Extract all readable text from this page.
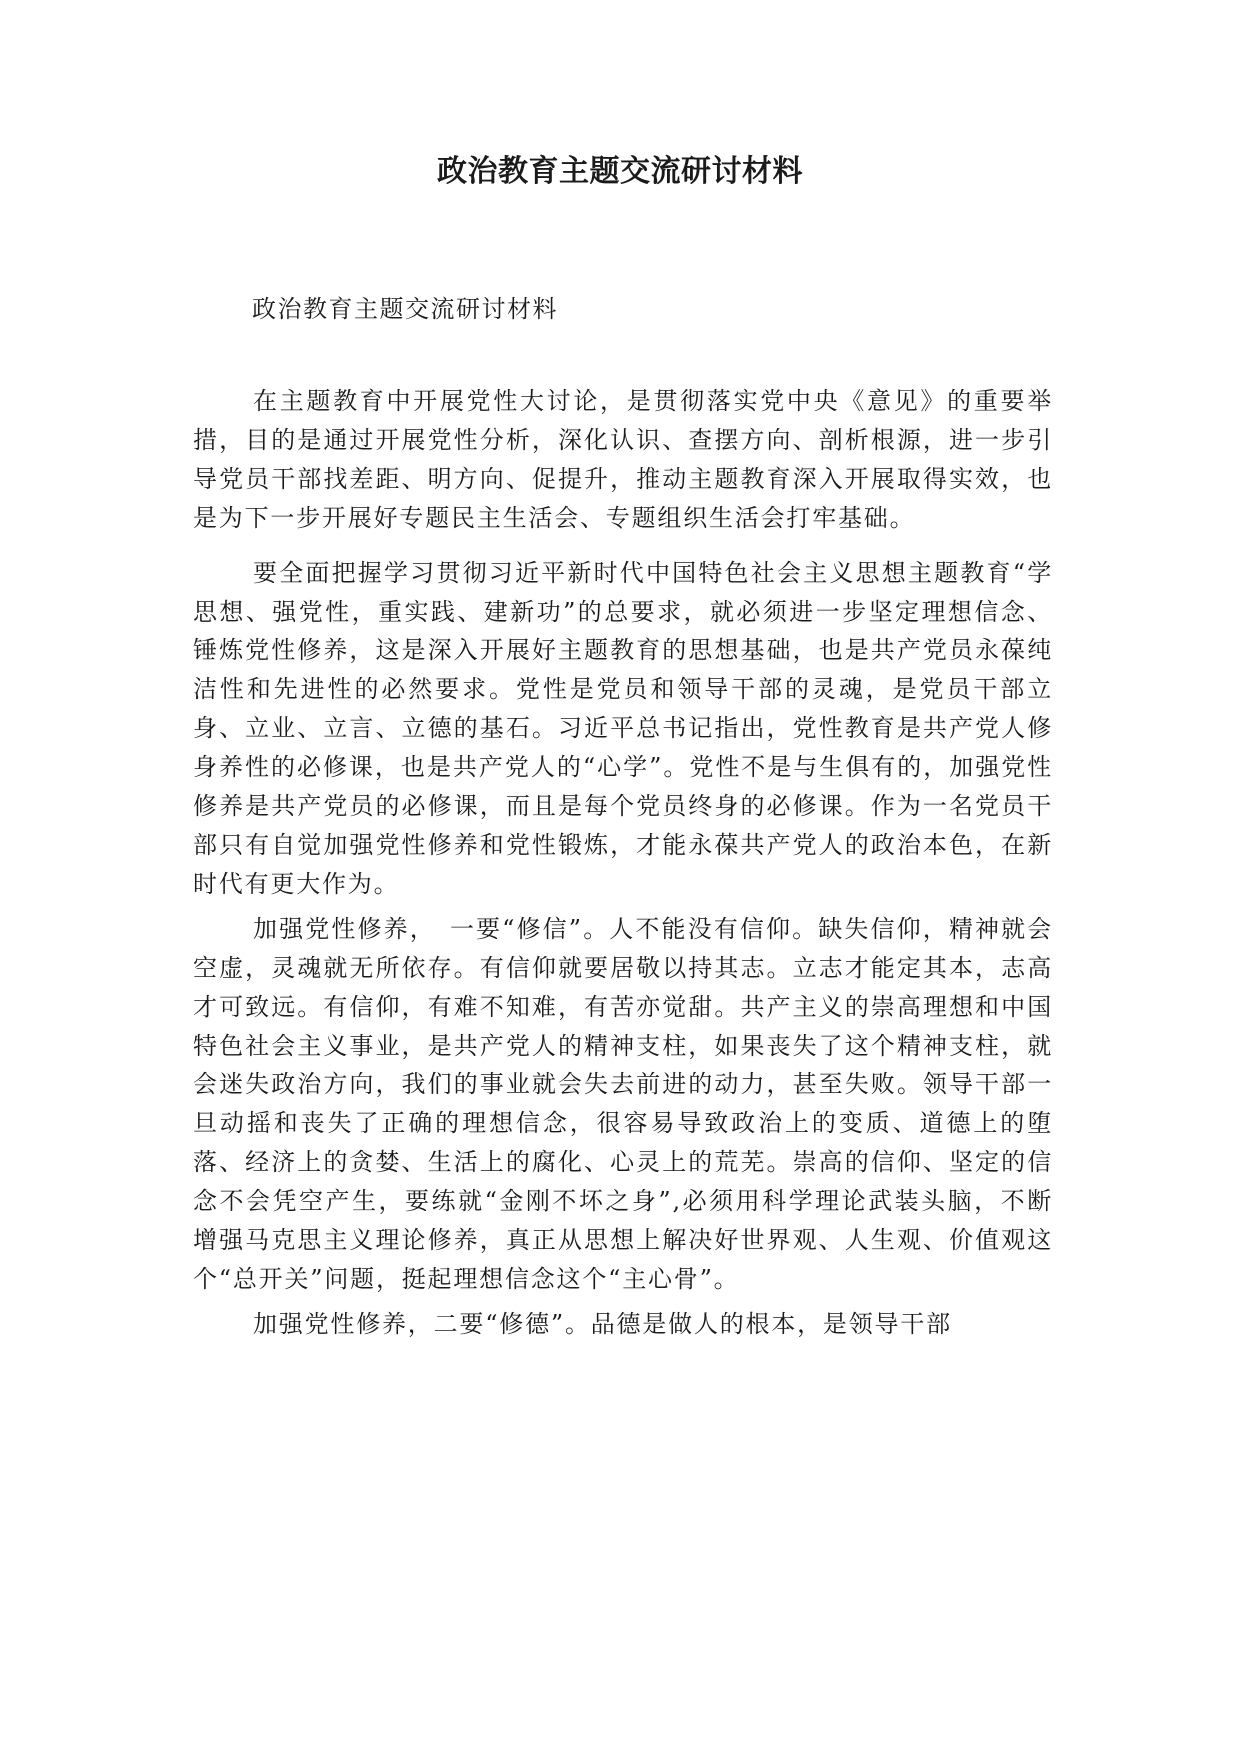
政治教育主题交流研讨材料

政治教育主题交流研讨材料

在主题教育中开展党性大讨论，是贯彻落实党中央《意见》的重要举措，目的是通过开展党性分析，深化认识、查摆方向、剖析根源，进一步引导党员干部找差距、明方向、促提升，推动主题教育深入开展取得实效，也是为下一步开展好专题民主生活会、专题组织生活会打牢基础。

要全面把握学习贯彻习近平新时代中国特色社会主义思想主题教育“学思想、强党性，重实践、建新功”的总要求，就必须进一步坚定理想信念、锤炼党性修养，这是深入开展好主题教育的思想基础，也是共产党员永葆纯洁性和先进性的必然要求。党性是党员和领导干部的灵魂，是党员干部立身、立业、立言、立德的基石。习近平总书记指出，党性教育是共产党人修身养性的必修课，也是共产党人的“心学”。党性不是与生俱有的，加强党性修养是共产党员的必修课，而且是每个党员终身的必修课。作为一名党员干部只有自觉加强党性修养和党性锻炼，才能永葆共产党人的政治本色，在新时代有更大作为。

加强党性修养，　一要“修信”。人不能没有信仰。缺失信仰，精神就会空虚，灵魂就无所依存。有信仰就要居敬以持其志。立志才能定其本，志高才可致远。有信仰，有难不知难，有苦亦觉甜。共产主义的崇高理想和中国特色社会主义事业，是共产党人的精神支柱，如果丧失了这个精神支柱，就会迷失政治方向，我们的事业就会失去前进的动力，甚至失败。领导干部一旦动摇和丧失了正确的理想信念，很容易导致政治上的变质、道德上的堕落、经济上的贪婪、生活上的腐化、心灵上的荒芜。崇高的信仰、坚定的信念不会凭空产生，要练就“金刚不坏之身”,必须用科学理论武装头脑，不断增强马克思主义理论修养，真正从思想上解决好世界观、人生观、价值观这个“总开关”问题，挺起理想信念这个“主心骨”。

加强党性修养，二要“修德”。品德是做人的根本，是领导干部
